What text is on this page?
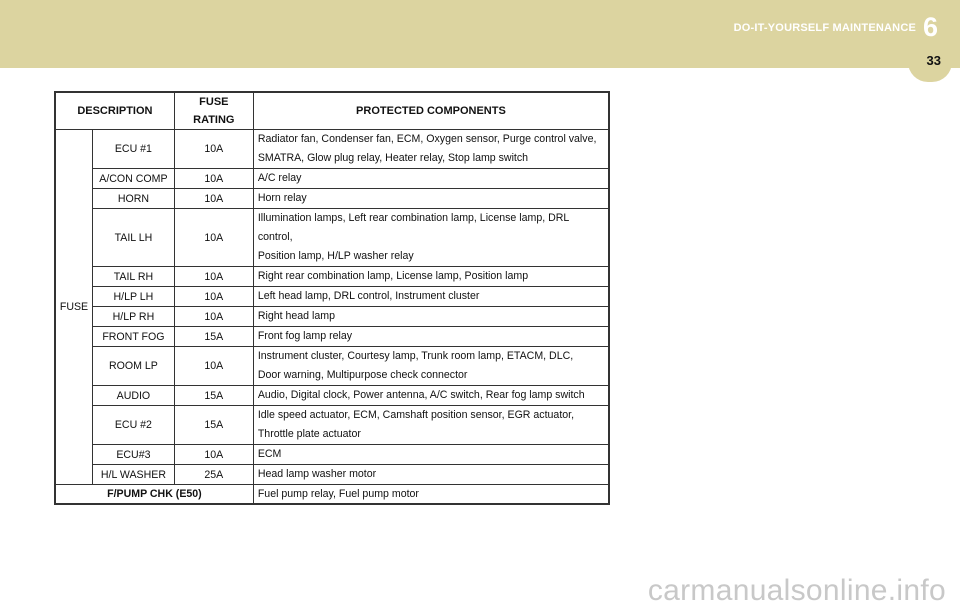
DO-IT-YOURSELF MAINTENANCE 6
33
DESCRIPTION		FUSE RATING	PROTECTED COMPONENTS
FUSE	ECU #1	10A	Radiator fan, Condenser fan, ECM, Oxygen sensor, Purge control valve,
SMATRA, Glow plug relay, Heater relay, Stop lamp switch

	A/CON COMP	10A	A/C relay

	HORN	10A	Horn relay

	TAIL LH	10A	Illumination lamps, Left rear combination lamp, License lamp, DRL control,
Position lamp, H/LP washer relay

	TAIL RH	10A	Right rear combination lamp, License lamp, Position lamp

	H/LP LH	10A	Left head lamp, DRL control, Instrument cluster

	H/LP RH	10A	Right head lamp

	FRONT FOG	15A	Front fog lamp relay

	ROOM LP	10A	Instrument cluster, Courtesy lamp, Trunk room lamp, ETACM, DLC,
Door warning, Multipurpose check connector

	AUDIO	15A	Audio, Digital clock, Power antenna, A/C switch, Rear fog lamp switch

	ECU #2	15A	Idle speed actuator, ECM, Camshaft position sensor, EGR actuator,
Throttle plate actuator

	ECU#3	10A	ECM

	H/L WASHER	25A	Head lamp washer motor

F/PUMP CHK (E50)			Fuel pump relay, Fuel pump motor
carmanualsonline.info
